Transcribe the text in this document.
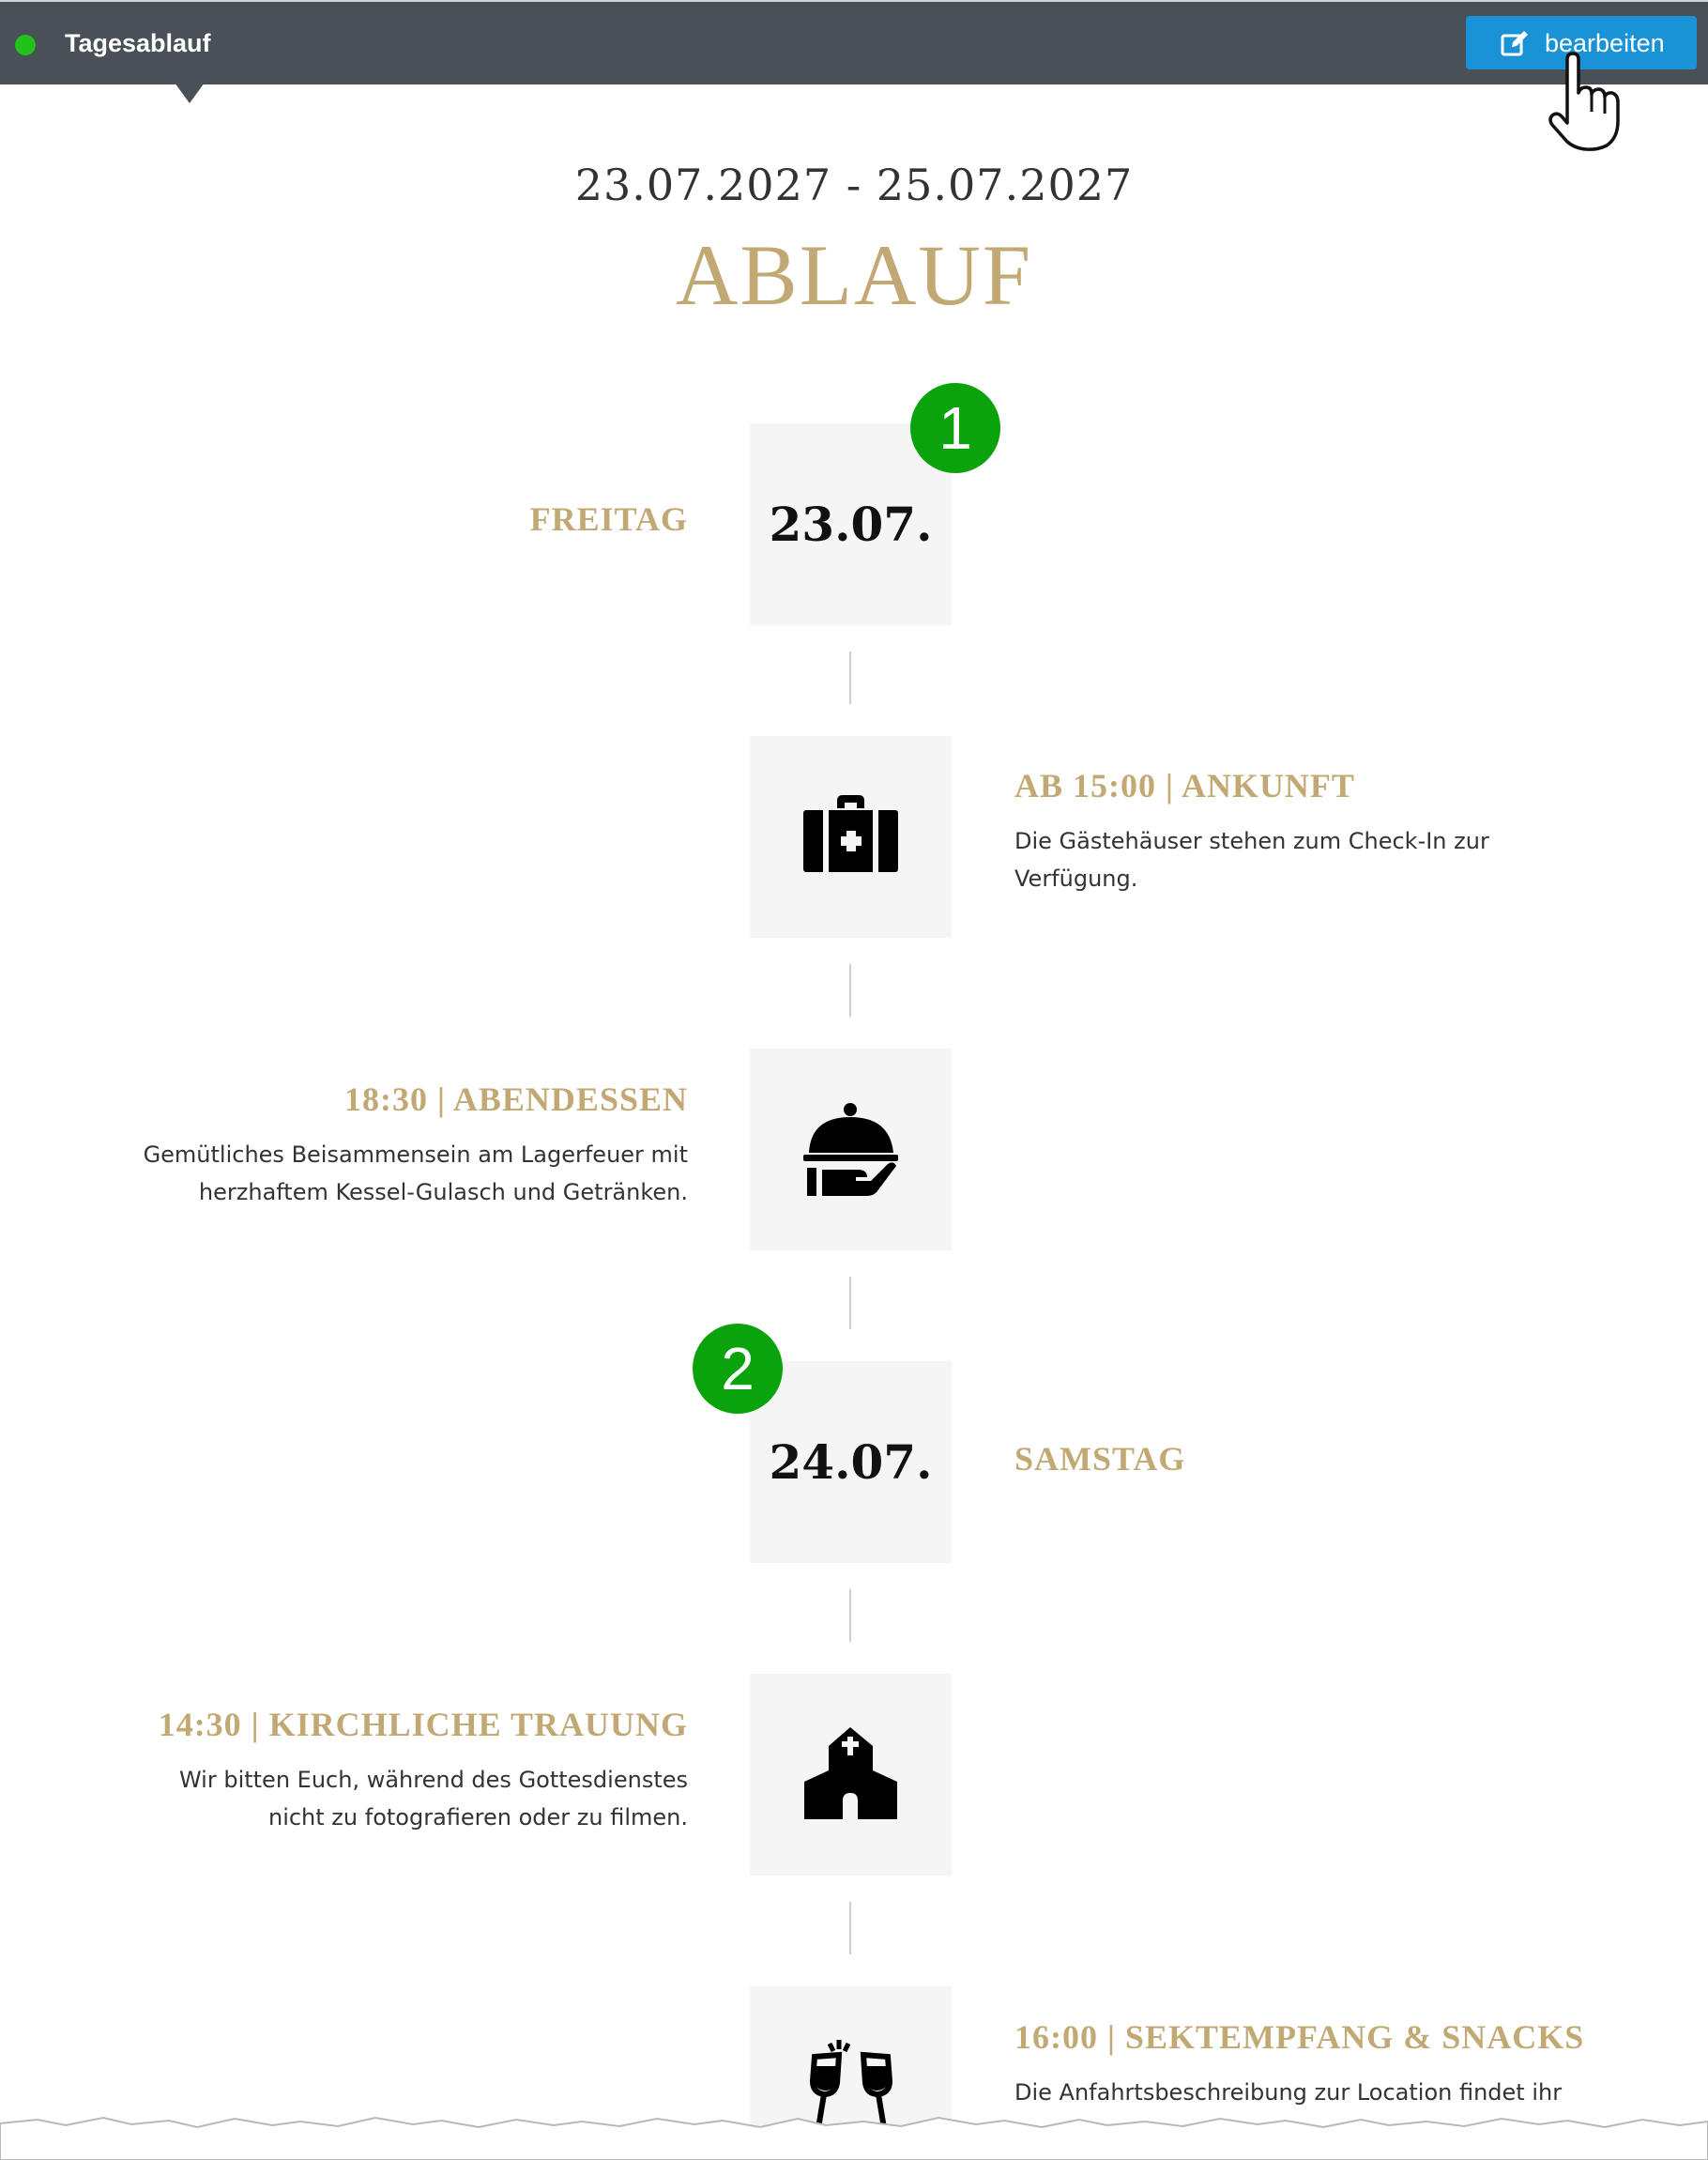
Tagesablauf	bearbeiten
23.07.2027 - 25.07.2027
ABLAUF
FREITAG	23.07.
1
AB 15:00 | ANKUNFT
Die Gästehäuser stehen zum Check-In zur Verfügung.
18:30 | ABENDESSEN
Gemütliches Beisammensein am Lagerfeuer mit herzhaftem Kessel-Gulasch und Getränken.
24.07.
2
SAMSTAG
14:30 | KIRCHLICHE TRAUUNG
Wir bitten Euch, während des Gottesdienstes nicht zu fotografieren oder zu filmen.
16:00 | SEKTEMPFANG & SNACKS
Die Anfahrtsbeschreibung zur Location findet ihr
